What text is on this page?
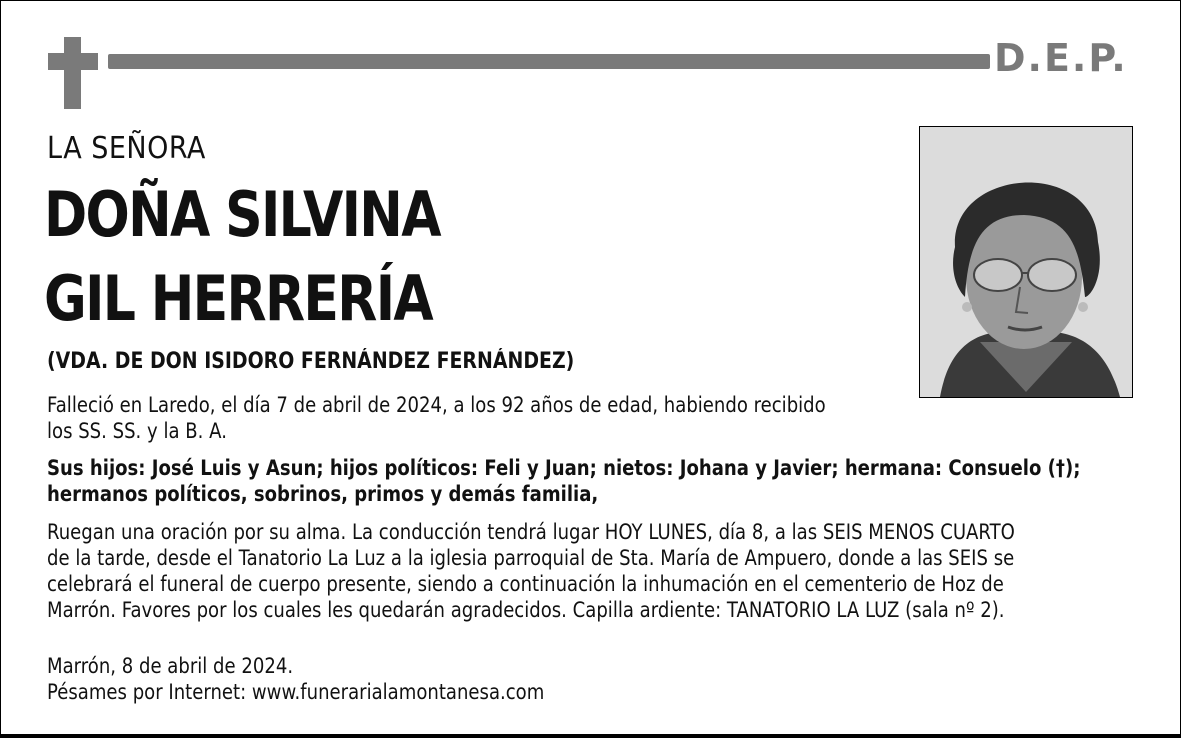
D.E.P.
LA SEÑORA
DOÑA SILVINA
GIL HERRERÍA
(VDA. DE DON ISIDORO FERNÁNDEZ FERNÁNDEZ)
Falleció en Laredo, el día 7 de abril de 2024, a los 92 años de edad, habiendo recibido
los SS. SS. y la B. A.
Sus hijos: José Luis y Asun; hijos políticos: Feli y Juan; nietos: Johana y Javier; hermana: Consuelo (†);
hermanos políticos, sobrinos, primos y demás familia,
Ruegan una oración por su alma. La conducción tendrá lugar HOY LUNES, día 8, a las SEIS MENOS CUARTO
de la tarde, desde el Tanatorio La Luz a la iglesia parroquial de Sta. María de Ampuero, donde a las SEIS se
celebrará el funeral de cuerpo presente, siendo a continuación la inhumación en el cementerio de Hoz de
Marrón. Favores por los cuales les quedarán agradecidos. Capilla ardiente: TANATORIO LA LUZ (sala nº 2).
Marrón, 8 de abril de 2024.
Pésames por Internet: www.funerarialamontanesa.com
